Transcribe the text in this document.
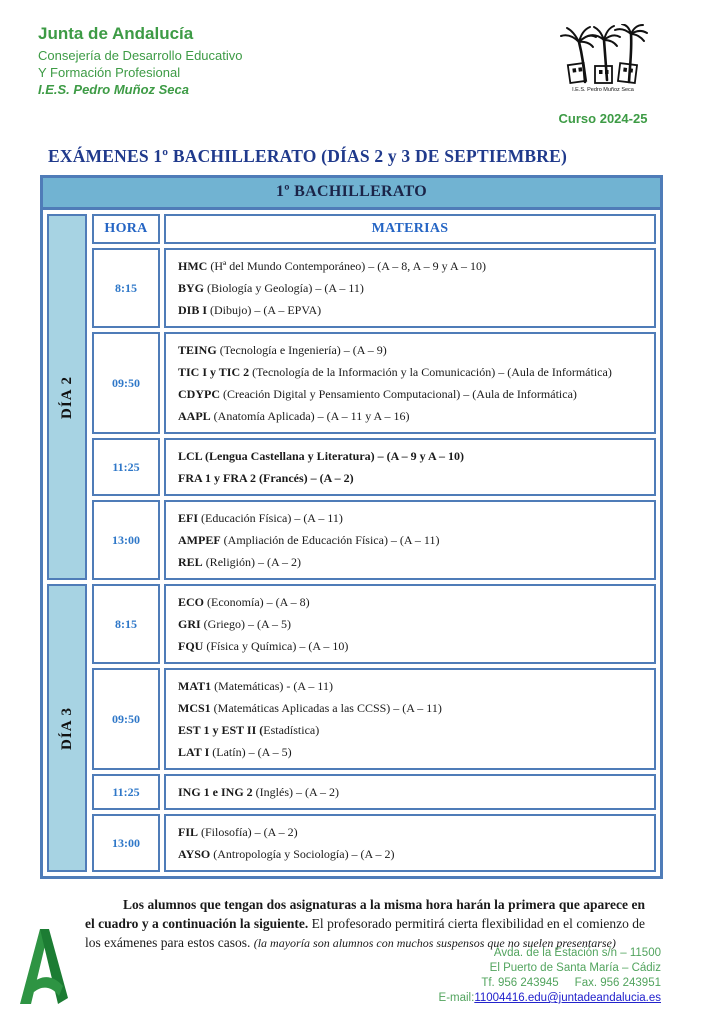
Junta de Andalucía
Consejería de Desarrollo Educativo
Y Formación Profesional
I.E.S. Pedro Muñoz Seca	I.E.S. Pedro Muñoz Seca
Curso 2024-25
EXÁMENES 1º BACHILLERATO (DÍAS 2 y 3 DE SEPTIEMBRE)
1º BACHILLERATO
DÍA 2
HORA	MATERIAS
8:15
HMC (Hª del Mundo Contemporáneo) – (A – 8, A – 9 y A – 10)
BYG (Biología y Geología) – (A – 11)
DIB I (Dibujo) – (A – EPVA)
09:50
TEING (Tecnología e Ingeniería) – (A – 9)
TIC I y TIC 2 (Tecnología de la Información y la Comunicación) – (Aula de Informática)
CDYPC (Creación Digital y Pensamiento Computacional) – (Aula de Informática)
AAPL (Anatomía Aplicada) – (A – 11 y A – 16)
11:25
LCL (Lengua Castellana y Literatura) – (A – 9 y A – 10)
FRA 1 y FRA 2 (Francés) – (A – 2)
13:00
EFI (Educación Física) – (A – 11)
AMPEF (Ampliación de Educación Física) – (A – 11)
REL (Religión) – (A – 2)
DÍA 3
8:15
ECO (Economía) – (A – 8)
GRI (Griego) – (A – 5)
FQU (Física y Química) – (A – 10)
09:50
MAT1 (Matemáticas) - (A – 11)
MCS1 (Matemáticas Aplicadas a las CCSS) – (A – 11)
EST 1 y EST II (Estadística)
LAT I (Latín) – (A – 5)
11:25	ING 1 e ING 2 (Inglés) – (A – 2)
13:00
FIL (Filosofía) – (A – 2)
AYSO (Antropología y Sociología) – (A – 2)

Los alumnos que tengan dos asignaturas a la misma hora harán la primera que aparece en el cuadro y a continuación la siguiente. El profesorado permitirá cierta flexibilidad en el comienzo de los exámenes para estos casos. (la mayoría son alumnos con muchos suspensos que no suelen presentarse)

Avda. de la Estación s/n – 11500
El Puerto de Santa María – Cádiz
Tf. 956 243945     Fax. 956 243951
E-mail:11004416.edu@juntadeandalucia.es
